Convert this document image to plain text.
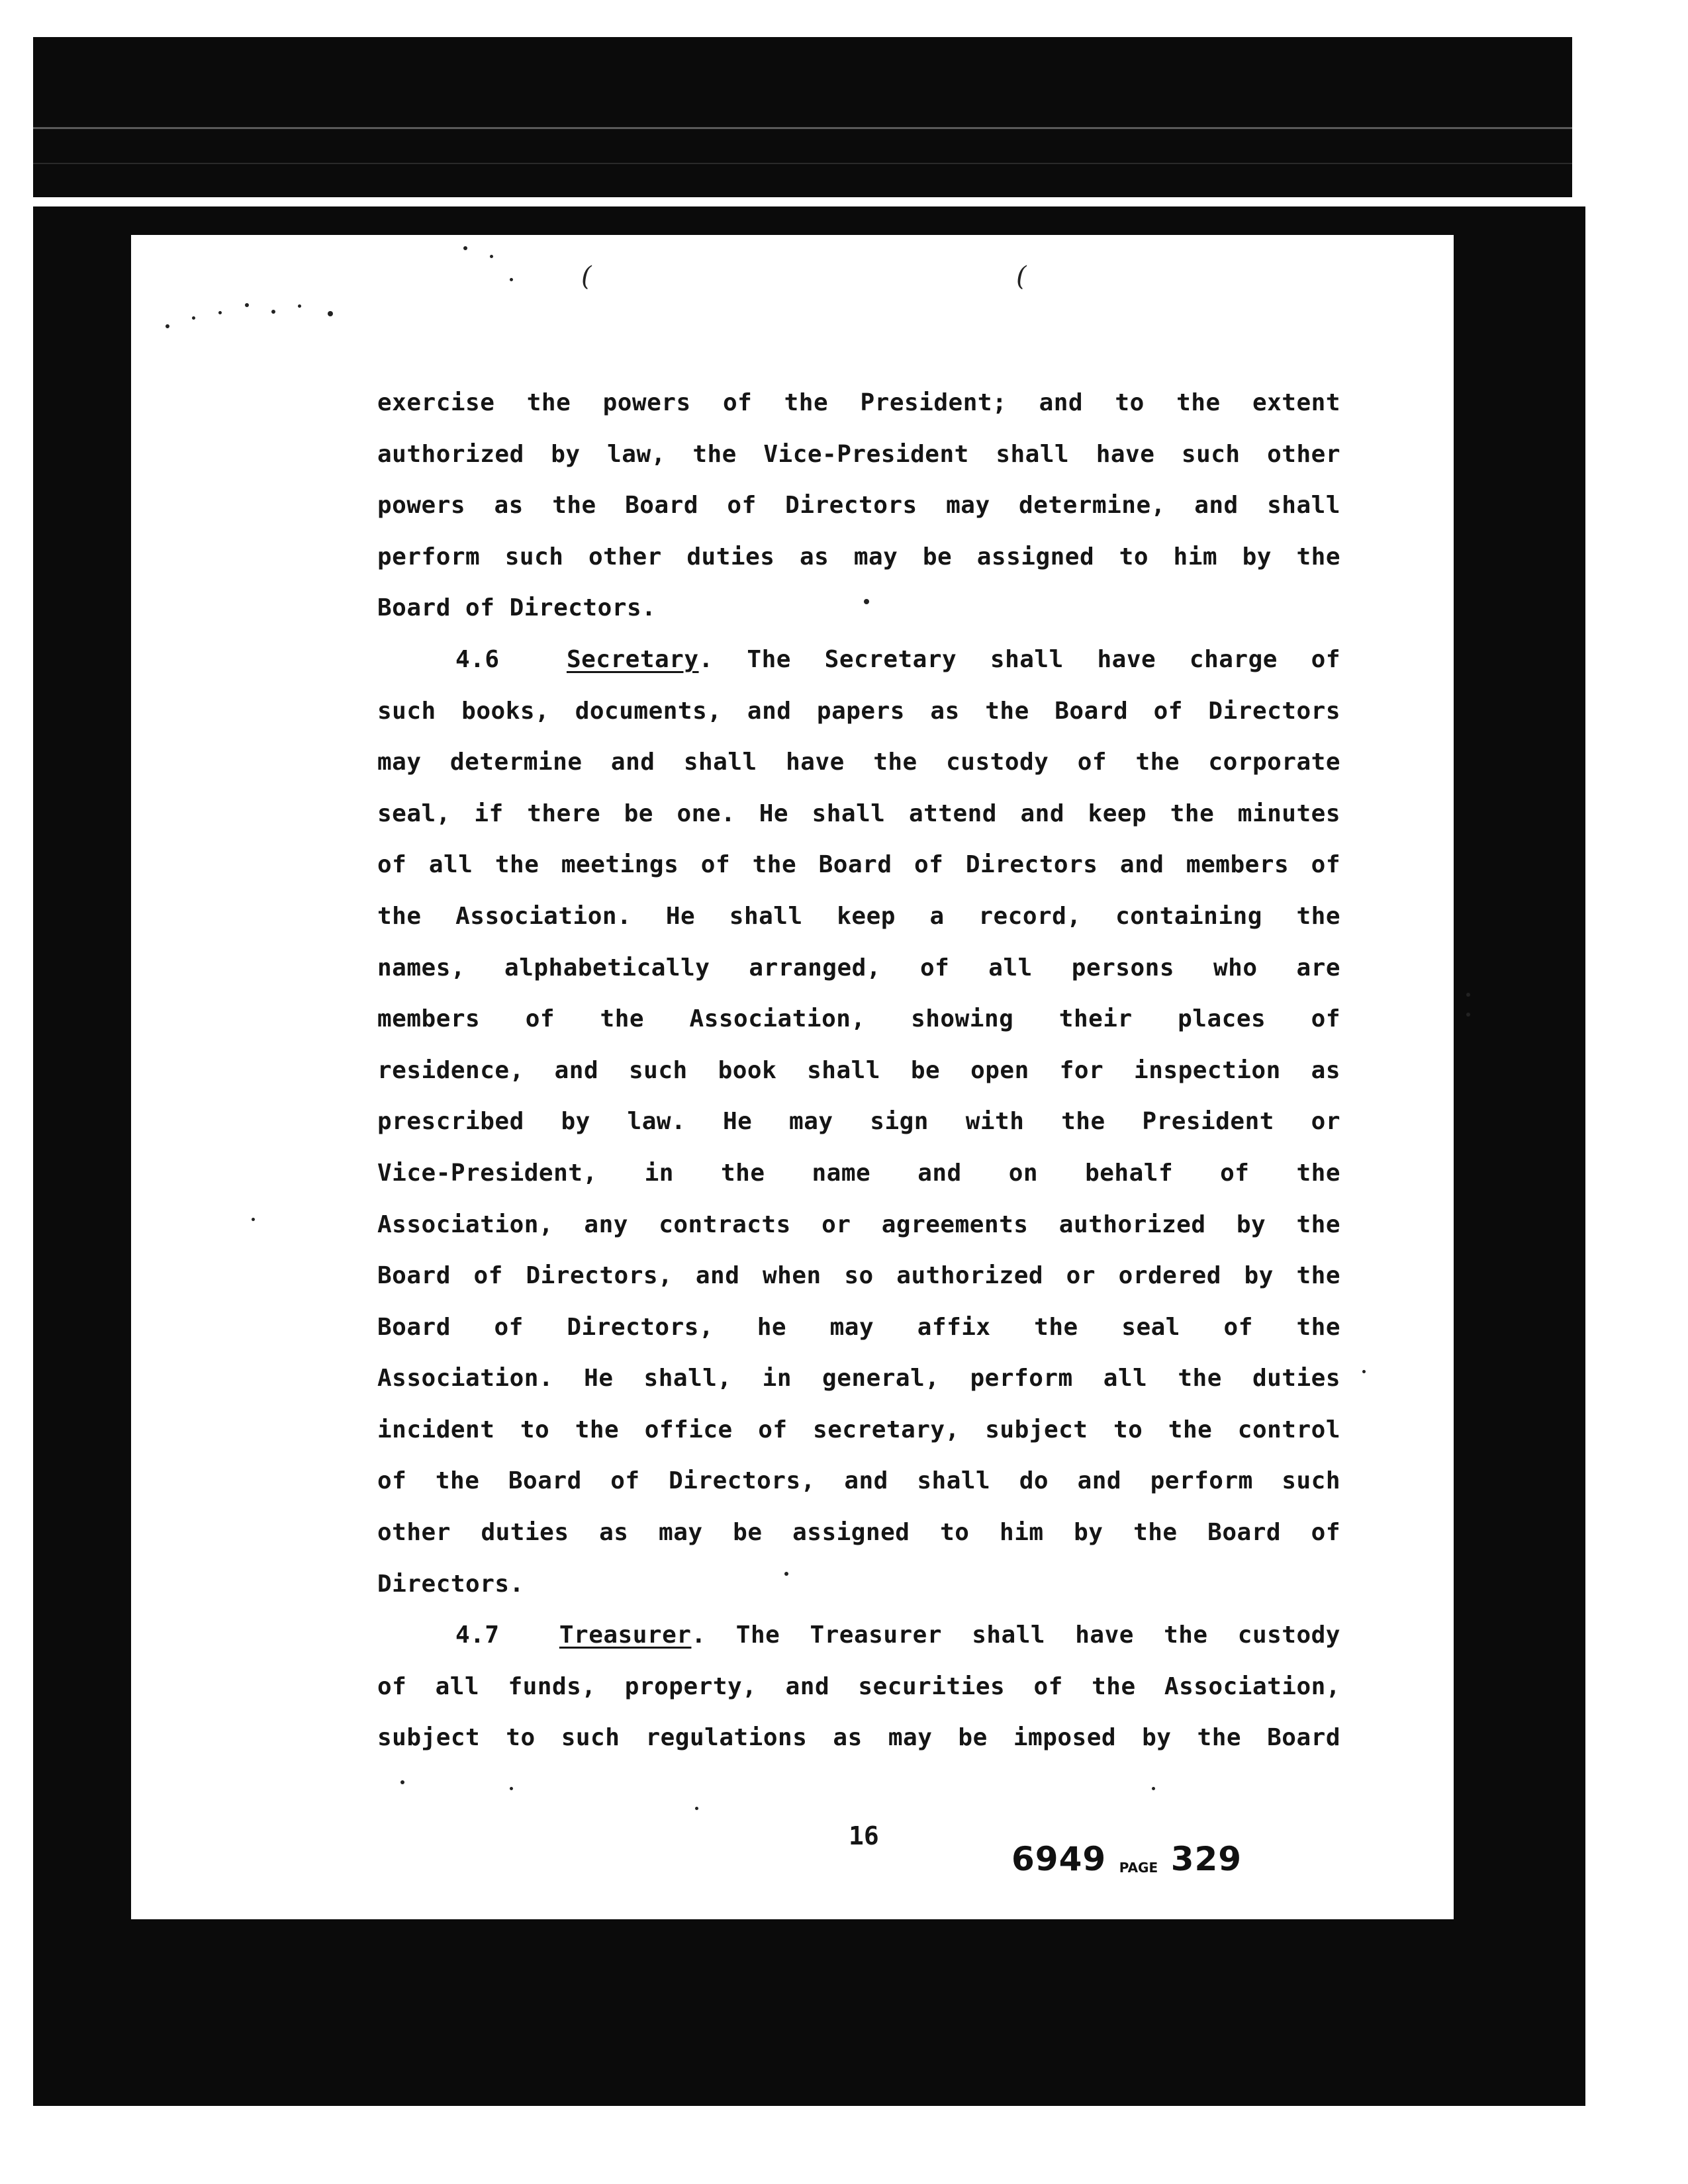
(	(
exercise the powers of the President; and to the extent
authorized by law, the Vice-President shall have such other
powers as the Board of Directors may determine, and shall
perform such other duties as may be assigned to him by the
Board of Directors.
4.6	Secretary. The Secretary shall have charge of
such books, documents, and papers as the Board of Directors
may determine and shall have the custody of the corporate
seal, if there be one. He shall attend and keep the minutes
of all the meetings of the Board of Directors and members of
the Association. He shall keep a record, containing the
names, alphabetically arranged, of all persons who are
members of the Association, showing their places of
residence, and such book shall be open for inspection as
prescribed by law. He may sign with the President or
Vice-President, in the name and on behalf of the
Association, any contracts or agreements authorized by the
Board of Directors, and when so authorized or ordered by the
Board of Directors, he may affix the seal of the
Association. He shall, in general, perform all the duties
incident to the office of secretary, subject to the control
of the Board of Directors, and shall do and perform such
other duties as may be assigned to him by the Board of
Directors.
4.7	Treasurer. The Treasurer shall have the custody
of all funds, property, and securities of the Association,
subject to such regulations as may be imposed by the Board
16
6949 PAGE 329
